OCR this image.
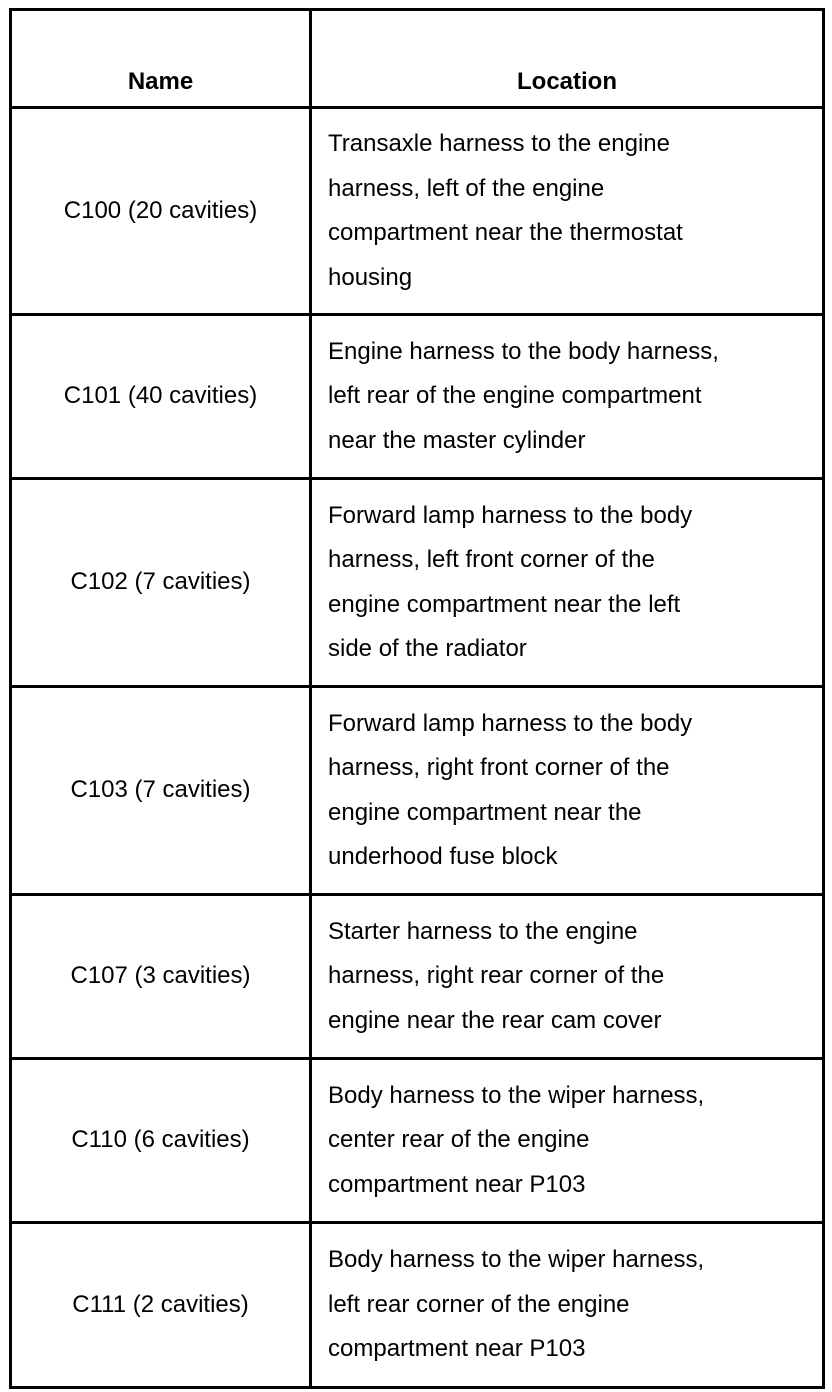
Name	Location
C100 (20 cavities)	Transaxle harness to the engine
harness, left of the engine
compartment near the thermostat
housing

C101 (40 cavities)	Engine harness to the body harness,
left rear of the engine compartment
near the master cylinder

C102 (7 cavities)	Forward lamp harness to the body
harness, left front corner of the
engine compartment near the left
side of the radiator

C103 (7 cavities)	Forward lamp harness to the body
harness, right front corner of the
engine compartment near the
underhood fuse block

C107 (3 cavities)	Starter harness to the engine
harness, right rear corner of the
engine near the rear cam cover

C110 (6 cavities)	Body harness to the wiper harness,
center rear of the engine
compartment near P103

C111 (2 cavities)	Body harness to the wiper harness,
left rear corner of the engine
compartment near P103
